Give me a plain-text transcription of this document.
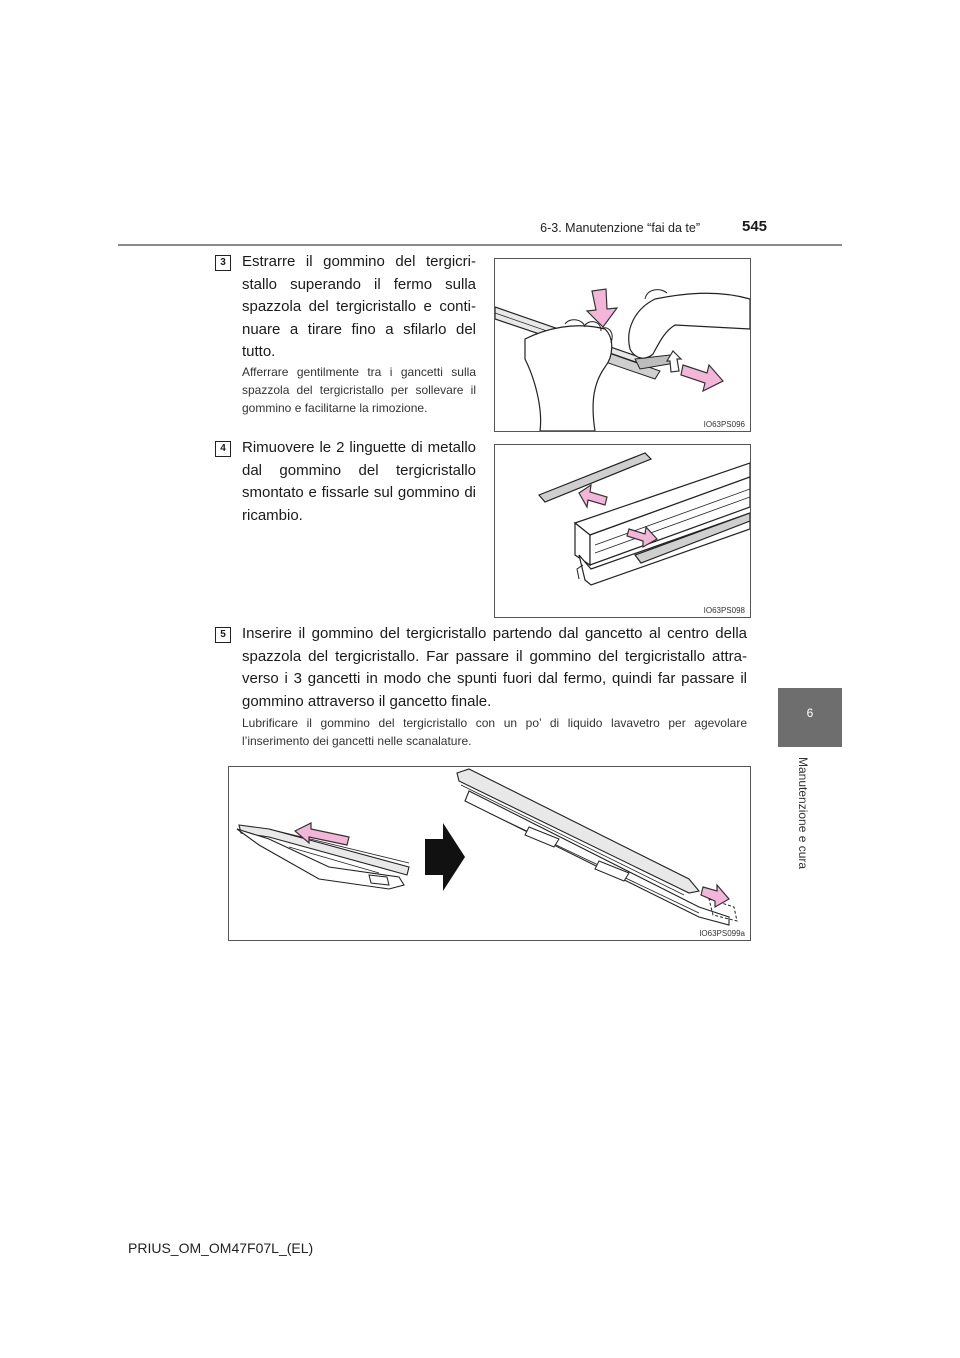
6-3. Manutenzione “fai da te”	545
6
Manutenzione e cura
3	Estrarre il gommino del tergicri- stallo superando il fermo sulla spazzola del tergicristallo e conti- nuare a tirare fino a sfilarlo del tutto.
Afferrare gentilmente tra i gancetti sulla spazzola del tergicristallo per sollevare il gommino e facilitarne la rimozione.
IO63PS096
4	Rimuovere le 2 linguette di metallo dal gommino del tergicristallo smontato e fissarle sul gommino di ricambio.
IO63PS098
5	Inserire il gommino del tergicristallo partendo dal gancetto al centro della spazzola del tergicristallo. Far passare il gommino del tergicristallo attra- verso i 3 gancetti in modo che spunti fuori dal fermo, quindi far passare il gommino attraverso il gancetto finale.
Lubrificare il gommino del tergicristallo con un po’ di liquido lavavetro per agevolare l’inserimento dei gancetti nelle scanalature.
IO63PS099a
PRIUS_OM_OM47F07L_(EL)
